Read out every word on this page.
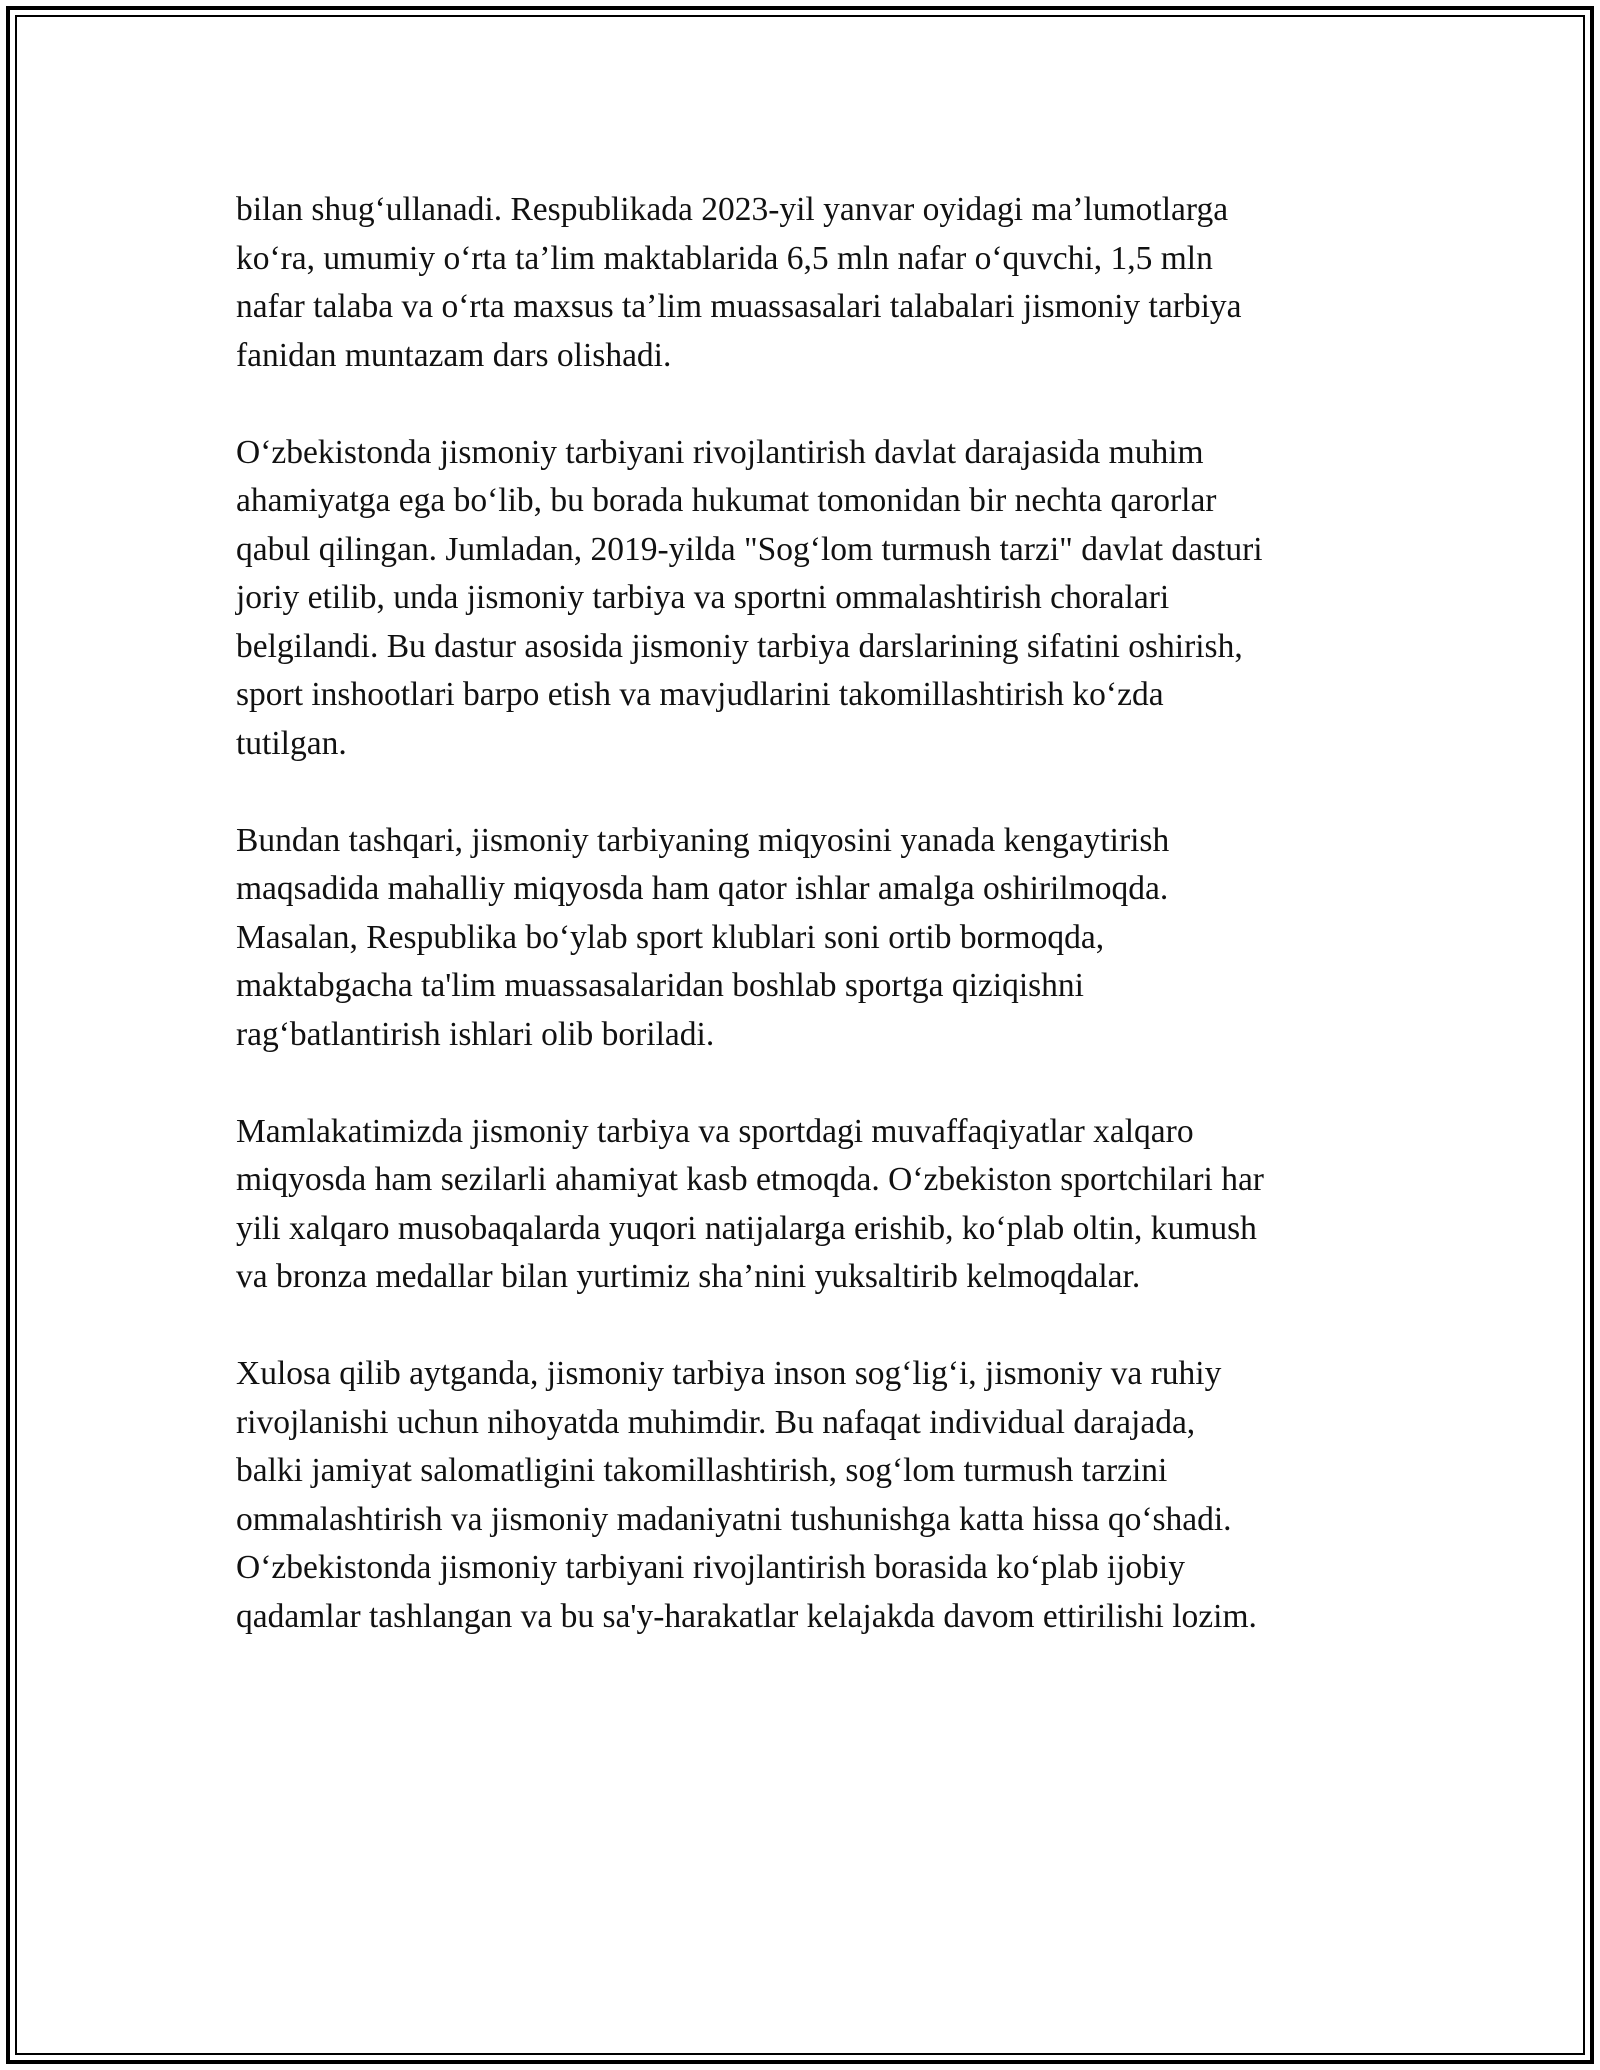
bilan shug‘ullanadi. Respublikada 2023-yil yanvar oyidagi ma’lumotlarga
ko‘ra, umumiy o‘rta ta’lim maktablarida 6,5 mln nafar o‘quvchi, 1,5 mln
nafar talaba va o‘rta maxsus ta’lim muassasalari talabalari jismoniy tarbiya
fanidan muntazam dars olishadi.

O‘zbekistonda jismoniy tarbiyani rivojlantirish davlat darajasida muhim
ahamiyatga ega bo‘lib, bu borada hukumat tomonidan bir nechta qarorlar
qabul qilingan. Jumladan, 2019-yilda "Sog‘lom turmush tarzi" davlat dasturi
joriy etilib, unda jismoniy tarbiya va sportni ommalashtirish choralari
belgilandi. Bu dastur asosida jismoniy tarbiya darslarining sifatini oshirish,
sport inshootlari barpo etish va mavjudlarini takomillashtirish ko‘zda
tutilgan.

Bundan tashqari, jismoniy tarbiyaning miqyosini yanada kengaytirish
maqsadida mahalliy miqyosda ham qator ishlar amalga oshirilmoqda.
Masalan, Respublika bo‘ylab sport klublari soni ortib bormoqda,
maktabgacha ta'lim muassasalaridan boshlab sportga qiziqishni
rag‘batlantirish ishlari olib boriladi.

Mamlakatimizda jismoniy tarbiya va sportdagi muvaffaqiyatlar xalqaro
miqyosda ham sezilarli ahamiyat kasb etmoqda. O‘zbekiston sportchilari har
yili xalqaro musobaqalarda yuqori natijalarga erishib, ko‘plab oltin, kumush
va bronza medallar bilan yurtimiz sha’nini yuksaltirib kelmoqdalar.

Xulosa qilib aytganda, jismoniy tarbiya inson sog‘lig‘i, jismoniy va ruhiy
rivojlanishi uchun nihoyatda muhimdir. Bu nafaqat individual darajada,
balki jamiyat salomatligini takomillashtirish, sog‘lom turmush tarzini
ommalashtirish va jismoniy madaniyatni tushunishga katta hissa qo‘shadi.
O‘zbekistonda jismoniy tarbiyani rivojlantirish borasida ko‘plab ijobiy
qadamlar tashlangan va bu sa'y-harakatlar kelajakda davom ettirilishi lozim.
